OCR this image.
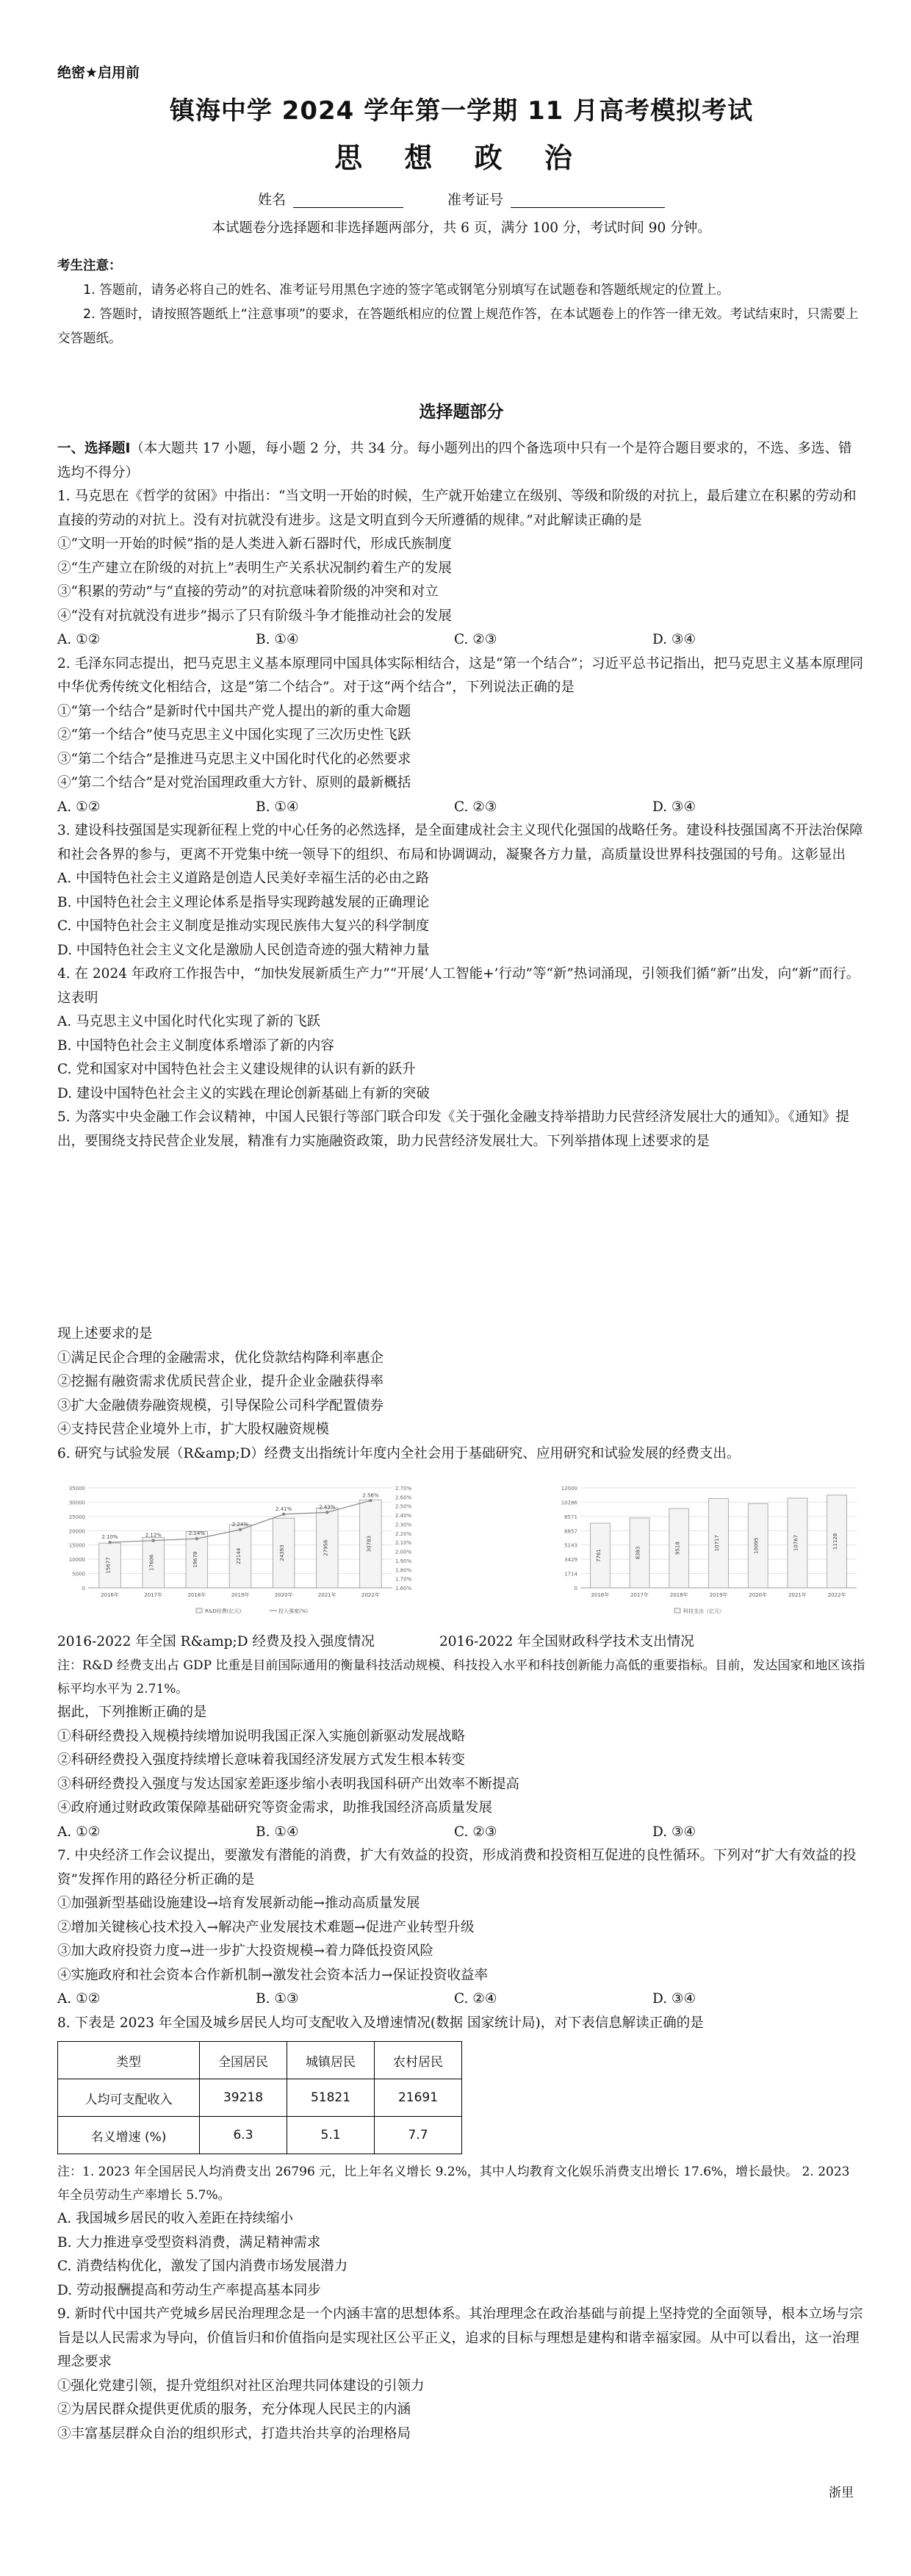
绝密★启用前
镇海中学 2024 学年第一学期 11 月高考模拟考试
思 想 政 治
姓名	准考证号
本试题卷分选择题和非选择题两部分，共 6 页，满分 100 分，考试时间 90 分钟。
考生注意：
1. 答题前，请务必将自己的姓名、准考证号用黑色字迹的签字笔或钢笔分别填写在试题卷和答题纸规定的位置上。
2. 答题时，请按照答题纸上“注意事项”的要求，在答题纸相应的位置上规范作答，在本试题卷上的作答一律无效。考试结束时，只需要上交答题纸。
选择题部分

一、选择题Ⅰ（本大题共 17 小题，每小题 2 分，共 34 分。每小题列出的四个备选项中只有一个是符合题目要求的，不选、多选、错选均不得分）

1. 马克思在《哲学的贫困》中指出：“当文明一开始的时候，生产就开始建立在级别、等级和阶级的对抗上，最后建立在积累的劳动和直接的劳动的对抗上。没有对抗就没有进步。这是文明直到今天所遵循的规律。”对此解读正确的是

①“文明一开始的时候”指的是人类进入新石器时代，形成氏族制度

②“生产建立在阶级的对抗上”表明生产关系状况制约着生产的发展

③“积累的劳动”与“直接的劳动”的对抗意味着阶级的冲突和对立

④“没有对抗就没有进步”揭示了只有阶级斗争才能推动社会的发展

A. ①②	B. ①④	C. ②③	D. ③④

2. 毛泽东同志提出，把马克思主义基本原理同中国具体实际相结合，这是“第一个结合”；习近平总书记指出，把马克思主义基本原理同中华优秀传统文化相结合，这是“第二个结合”。对于这“两个结合”，下列说法正确的是

①“第一个结合”是新时代中国共产党人提出的新的重大命题

②“第一个结合”使马克思主义中国化实现了三次历史性飞跃

③“第二个结合”是推进马克思主义中国化时代化的必然要求

④“第二个结合”是对党治国理政重大方针、原则的最新概括

A. ①②	B. ①④	C. ②③	D. ③④

3. 建设科技强国是实现新征程上党的中心任务的必然选择，是全面建成社会主义现代化强国的战略任务。建设科技强国离不开法治保障和社会各界的参与，更离不开党集中统一领导下的组织、布局和协调调动，凝聚各方力量，高质量设世界科技强国的号角。这彰显出

A. 中国特色社会主义道路是创造人民美好幸福生活的必由之路

B. 中国特色社会主义理论体系是指导实现跨越发展的正确理论

C. 中国特色社会主义制度是推动实现民族伟大复兴的科学制度

D. 中国特色社会主义文化是激励人民创造奇迹的强大精神力量

4. 在 2024 年政府工作报告中，“加快发展新质生产力”“开展‘人工智能+’行动”等“新”热词涌现，引领我们循“新”出发，向“新”而行。这表明

A. 马克思主义中国化时代化实现了新的飞跃

B. 中国特色社会主义制度体系增添了新的内容

C. 党和国家对中国特色社会主义建设规律的认识有新的跃升

D. 建设中国特色社会主义的实践在理论创新基础上有新的突破

5. 为落实中央金融工作会议精神，中国人民银行等部门联合印发《关于强化金融支持举措助力民营经济发展壮大的通知》。《通知》提出，要围绕支持民营企业发展，精准有力实施融资政策，助力民营经济发展壮大。下列举措体现上述要求的是

现上述要求的是

①满足民企合理的金融需求，优化贷款结构降利率惠企

②挖掘有融资需求优质民营企业，提升企业金融获得率

③扩大金融债券融资规模，引导保险公司科学配置债券

④支持民营企业境外上市，扩大股权融资规模

6. 研究与试验发展（R&amp;D）经费支出指统计年度内全社会用于基础研究、应用研究和试验发展的经费支出。

0
5000
10000
15000
20000
25000
30000
35000
15677
2016年
17606
2017年
19678
2018年
22144
2019年
24393
2020年
27956
2021年
30783
2022年
2.10%	2.12%	2.14%
2.24%
2.41%	2.43%
2.56%
1.60%
1.70%
1.80%
1.90%
2.00%
2.10%
2.20%
2.30%
2.40%
2.50%
2.60%
2.70%
R&D经费(亿元)	投入强度(%)
0
1714
3429
5143
6857
8571
10286
12000
7761
2016年
8383
2017年
9518
2018年
10717
2019年
10095
2020年
10767
2021年
11128
2022年
科技支出（亿元）
2016-2022 年全国 R&amp;D 经费及投入强度情况	2016-2022 年全国财政科学技术支出情况

注：R&D 经费支出占 GDP 比重是目前国际通用的衡量科技活动规模、科技投入水平和科技创新能力高低的重要指标。目前，发达国家和地区该指标平均水平为 2.71%。

据此，下列推断正确的是

①科研经费投入规模持续增加说明我国正深入实施创新驱动发展战略

②科研经费投入强度持续增长意味着我国经济发展方式发生根本转变

③科研经费投入强度与发达国家差距逐步缩小表明我国科研产出效率不断提高

④政府通过财政政策保障基础研究等资金需求，助推我国经济高质量发展

A. ①②	B. ①④	C. ②③	D. ③④

7. 中央经济工作会议提出，要激发有潜能的消费，扩大有效益的投资，形成消费和投资相互促进的良性循环。下列对“扩大有效益的投资”发挥作用的路径分析正确的是

①加强新型基础设施建设→培育发展新动能→推动高质量发展

②增加关键核心技术投入→解决产业发展技术难题→促进产业转型升级

③加大政府投资力度→进一步扩大投资规模→着力降低投资风险

④实施政府和社会资本合作新机制→激发社会资本活力→保证投资收益率

A. ①②	B. ①③	C. ②④	D. ③④

8. 下表是 2023 年全国及城乡居民人均可支配收入及增速情况(数据 国家统计局)，对下表信息解读正确的是

类型	全国居民	城镇居民	农村居民
人均可支配收入	39218	51821	21691
名义增速 (%)	6.3	5.1	7.7

注：1. 2023 年全国居民人均消费支出 26796 元，比上年名义增长 9.2%，其中人均教育文化娱乐消费支出增长 17.6%，增长最快。 2. 2023 年全员劳动生产率增长 5.7%。

A. 我国城乡居民的收入差距在持续缩小

B. 大力推进享受型资料消费，满足精神需求

C. 消费结构优化，激发了国内消费市场发展潜力

D. 劳动报酬提高和劳动生产率提高基本同步

9. 新时代中国共产党城乡居民治理理念是一个内涵丰富的思想体系。其治理理念在政治基础与前提上坚持党的全面领导，根本立场与宗旨是以人民需求为导向，价值旨归和价值指向是实现社区公平正义，追求的目标与理想是建构和谐幸福家园。从中可以看出，这一治理理念要求

①强化党建引领，提升党组织对社区治理共同体建设的引领力

②为居民群众提供更优质的服务，充分体现人民民主的内涵

③丰富基层群众自治的组织形式，打造共治共享的治理格局

浙里
